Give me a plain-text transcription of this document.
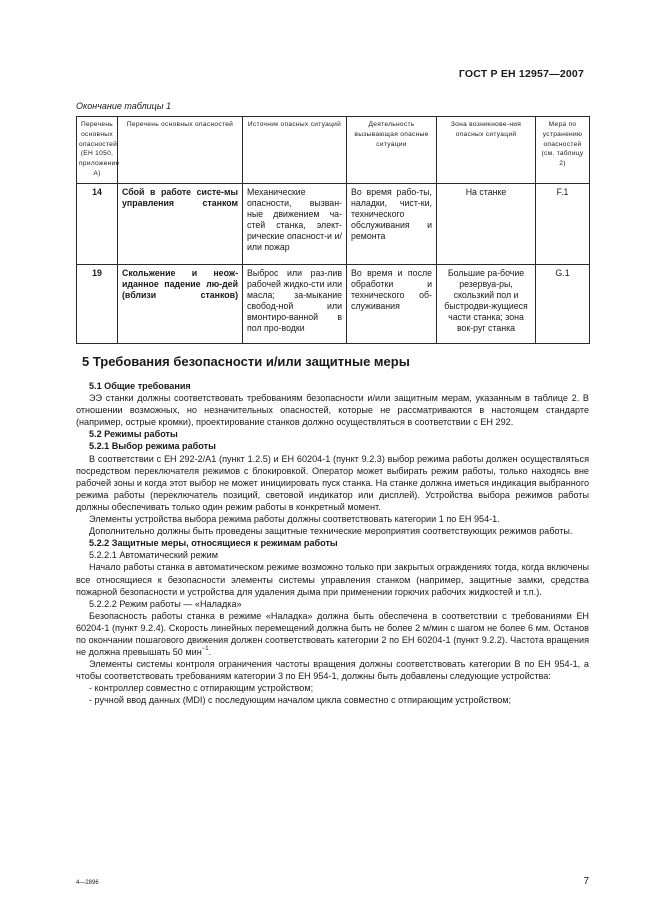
ГОСТ Р ЕН 12957—2007
Окончание таблицы 1
Перечень основных опасностей (ЕН 1050, приложение А)	Перечень основных опасностей	Источник опасных ситуаций	Деятельность вызывающая опасные ситуации	Зона возникнове-ния опасных ситуаций	Мера по устранению опасностей (см. таблицу 2)
14	Сбой в работе систе-мы управления станком	Механические опасности, вызван-ные движением ча-стей станка, элект-рические опасност-и и/или пожар	Во время рабо-ты, наладки, чист-ки, технического обслуживания и ремонта	На станке	F.1
19	Скольжение и неож-иданное падение лю-дей (вблизи станков)	Выброс или раз-лив рабочей жидко-сти или масла; за-мыкание свобод-ной или вмонтиро-ванной в пол про-водки	Во время и после обработки и технического об-служивания	Большие ра-бочие резервуа-ры, скользкий пол и быстродви-жущиеся части станка; зона вок-руг станка	G.1
5 Требования безопасности и/или защитные меры

5.1 Общие требования

ЭЭ станки должны соответствовать требованиям безопасности и/или защитным мерам, указанным в таблице 2. В отношении возможных, но незначительных опасностей, которые не рассматриваются в настоящем стандарте (например, острые кромки), проектирование станков должно осуществляться в соответствии с ЕН 292.

5.2 Режимы работы

5.2.1 Выбор режима работы

В соответствии с ЕН 292-2/А1 (пункт 1.2.5) и ЕН 60204-1 (пункт 9.2.3) выбор режима работы должен осуществляться посредством переключателя режимов с блокировкой. Оператор может выбирать режим работы, только находясь вне рабочей зоны и когда этот выбор не может инициировать пуск станка. На станке должна иметься индикация выбранного режима работы (переключатель позиций, световой индикатор или дисплей). Устройства выбора режимов работы должны обеспечивать только один режим работы в конкретный момент.

Элементы устройства выбора режима работы должны соответствовать категории 1 по ЕН 954-1.

Дополнительно должны быть проведены защитные технические мероприятия соответствующих режимов работы.

5.2.2 Защитные меры, относящиеся к режимам работы

5.2.2.1 Автоматический режим

Начало работы станка в автоматическом режиме возможно только при закрытых ограждениях тогда, когда включены все относящиеся к безопасности элементы системы управления станком (например, защитные замки, средства пожарной безопасности и устройства для удаления дыма при применении горючих рабочих жидкостей и т.п.).

5.2.2.2 Режим работы — «Наладка»

Безопасность работы станка в режиме «Наладка» должна быть обеспечена в соответствии с требованиями ЕН 60204-1 (пункт 9.2.4). Скорость линейных перемещений должна быть не более 2 м/мин с шагом не более 6 мм. Останов по окончании пошагового движения должен соответствовать категории 2 по ЕН 60204-1 (пункт 9.2.2). Частота вращения не должна превышать 50 мин$^{-1}$.

Элементы системы контроля ограничения частоты вращения должны соответствовать категории В по ЕН 954-1, а чтобы соответствовать требованиям категории 3 по ЕН 954-1, должны быть добавлены следующие устройства:

- контроллер совместно с отпирающим устройством;

- ручной ввод данных (MDI) с последующим началом цикла совместно с отпирающим устройством;

4—2896	7
